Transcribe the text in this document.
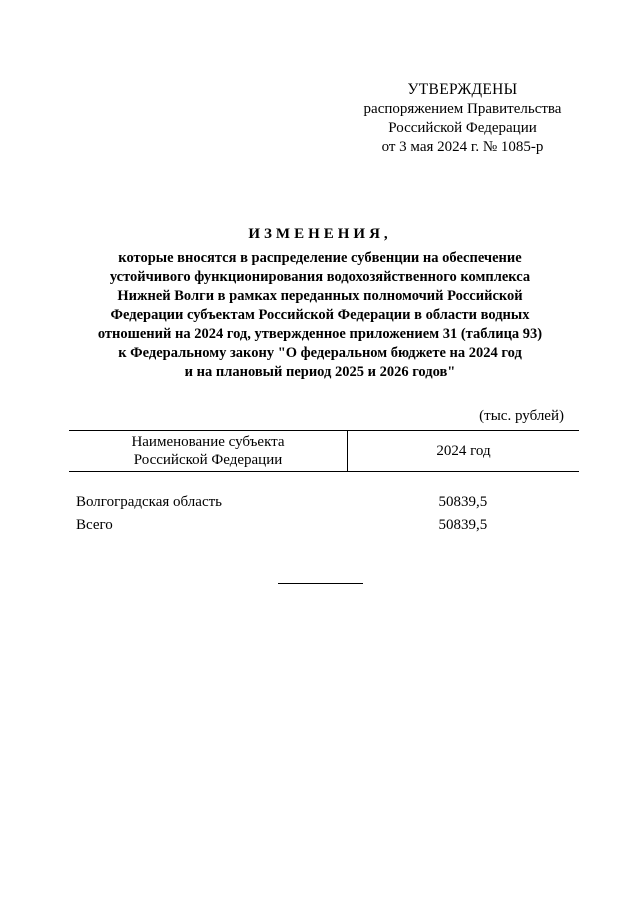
УТВЕРЖДЕНЫ
распоряжением Правительства
Российской Федерации
от 3 мая 2024 г. № 1085-р
ИЗМЕНЕНИЯ,
которые вносятся в распределение субвенции на обеспечение
устойчивого функционирования водохозяйственного комплекса
Нижней Волги в рамках переданных полномочий Российской
Федерации субъектам Российской Федерации в области водных
отношений на 2024 год, утвержденное приложением 31 (таблица 93)
к Федеральному закону "О федеральном бюджете на 2024 год
и на плановый период 2025 и 2026 годов"
(тыс. рублей)
Наименование субъекта
Российской Федерации	2024 год
Волгоградская область	50839,5
Всего	50839,5
